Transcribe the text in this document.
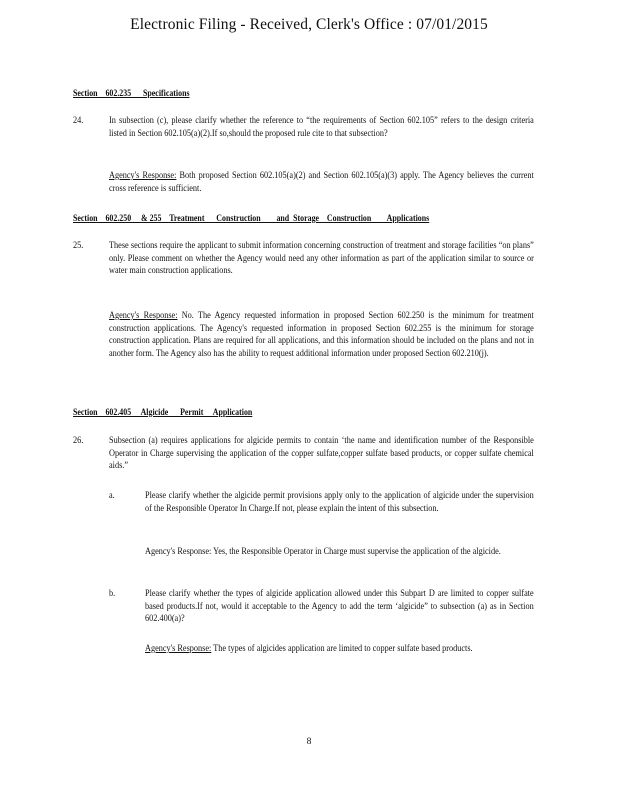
Electronic Filing - Received, Clerk's Office : 07/01/2015
Section    602.235      Specifications
24.	In subsection (c), please clarify whether the reference to “the requirements of Section 602.105” refers to the design criteria listed in Section 602.105(a)(2).If so,should the proposed rule cite to that subsection?
Agency's Response: Both proposed Section 602.105(a)(2) and Section 602.105(a)(3) apply. The Agency believes the current cross reference is sufficient.
Section    602.250     & 255    Treatment      Construction        and  Storage    Construction        Applications
25.	These sections require the applicant to submit information concerning construction of treatment and storage facilities “on plans” only. Please comment on whether the Agency would need any other information as part of the application similar to source or water main construction applications.
Agency's Response: No. The Agency requested information in proposed Section 602.250 is the minimum for treatment construction applications. The Agency's requested information in proposed Section 602.255 is the minimum for storage construction application. Plans are required for all applications, and this information should be included on the plans and not in another form. The Agency also has the ability to request additional information under proposed Section 602.210(j).
Section    602.405     Algicide      Permit     Application
26.	Subsection (a) requires applications for algicide permits to contain ‘the name and identification number of the Responsible Operator in Charge supervising the application of the copper sulfate,copper sulfate based products, or copper sulfate chemical aids.”
a.	Please clarify whether the algicide permit provisions apply only to the application of algicide under the supervision of the Responsible Operator In Charge.If not, please explain the intent of this subsection.
Agency's Response: Yes, the Responsible Operator in Charge must supervise the application of the algicide.
b.	Please clarify whether the types of algicide application allowed under this Subpart D are limited to copper sulfate based products.If not, would it acceptable to the Agency to add the term ‘algicide” to subsection (a) as in Section 602.400(a)?
Agency's Response: The types of algicides application are limited to copper sulfate based products.
8
